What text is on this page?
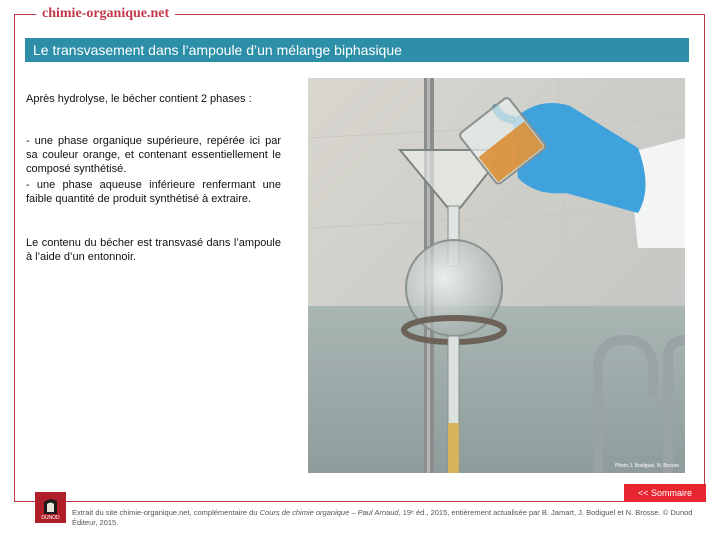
chimie-organique.net
Le transvasement dans l’ampoule d’un mélange biphasique

Après hydrolyse, le bécher contient 2 phases :

- une phase organique supérieure, repérée ici par sa couleur orange, et contenant essentiellement le composé synthétisé.

- une phase aqueuse inférieure renfermant une faible quantité de produit synthétisé à extraire.

Le contenu du bécher est transvasé dans l’ampoule à l’aide d’un entonnoir.

Photo J. Bodiguel, N. Brosse
<< Sommaire
DUNOD

Extrait du site chimie-organique.net, complémentaire du Cours de chimie organique – Paul Arnaud, 19ᵉ éd., 2015, entièrement actualisée par B. Jamart, J. Bodiguel et N. Brosse. © Dunod Éditeur, 2015.
